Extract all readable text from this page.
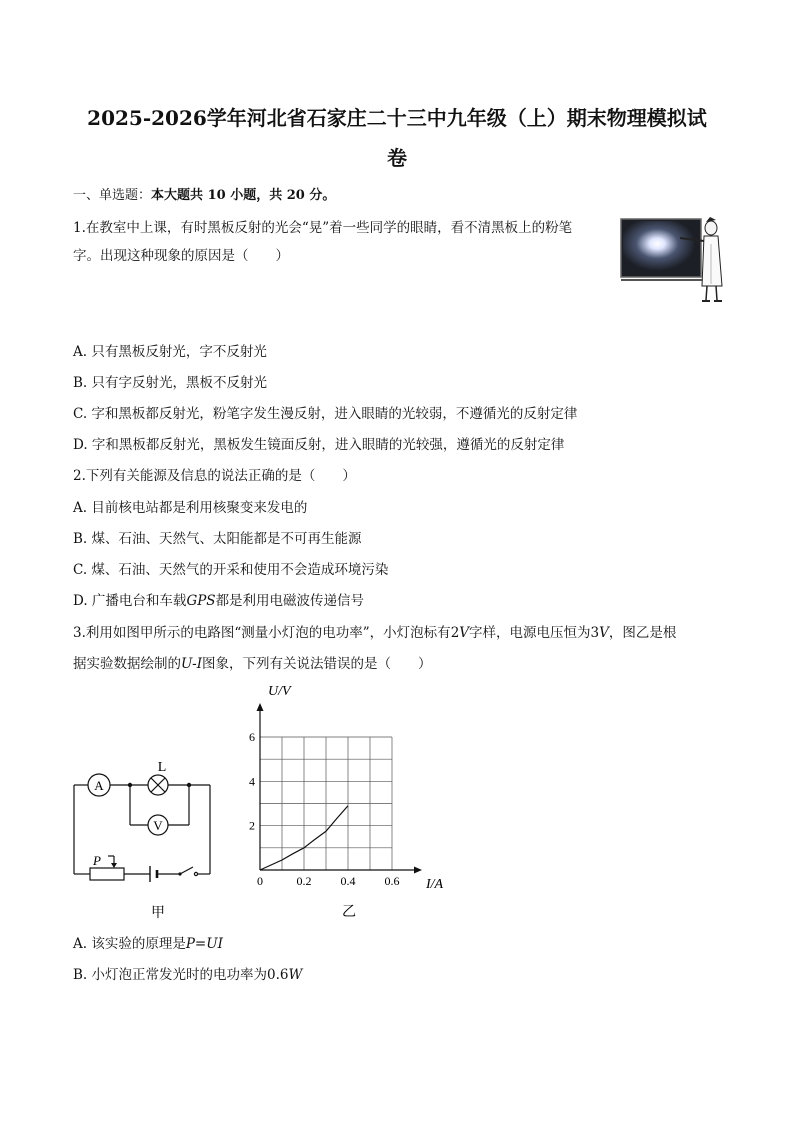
2025-2026学年河北省石家庄二十三中九年级（上）期末物理模拟试
卷
一、单选题：本大题共 10 小题，共 20 分。
1.在教室中上课，有时黑板反射的光会“晃”着一些同学的眼睛，看不清黑板上的粉笔
字。出现这种现象的原因是（　　）
A. 只有黑板反射光，字不反射光
B. 只有字反射光，黑板不反射光
C. 字和黑板都反射光，粉笔字发生漫反射，进入眼睛的光较弱，不遵循光的反射定律
D. 字和黑板都反射光，黑板发生镜面反射，进入眼睛的光较强，遵循光的反射定律
2.下列有关能源及信息的说法正确的是（　　）
A. 目前核电站都是利用核聚变来发电的
B. 煤、石油、天然气、太阳能都是不可再生能源
C. 煤、石油、天然气的开采和使用不会造成环境污染
D. 广播电台和车载GPS都是利用电磁波传递信号
3.利用如图甲所示的电路图“测量小灯泡的电功率”，小灯泡标有2V字样，电源电压恒为3V，图乙是根
据实验数据绘制的U-I图象，下列有关说法错误的是（　　）
A
L
V
P
甲
0	0.2 0.4 0.6
2
4
6
U/V
I/A
乙
A. 该实验的原理是P=UI
B. 小灯泡正常发光时的电功率为0.6W
